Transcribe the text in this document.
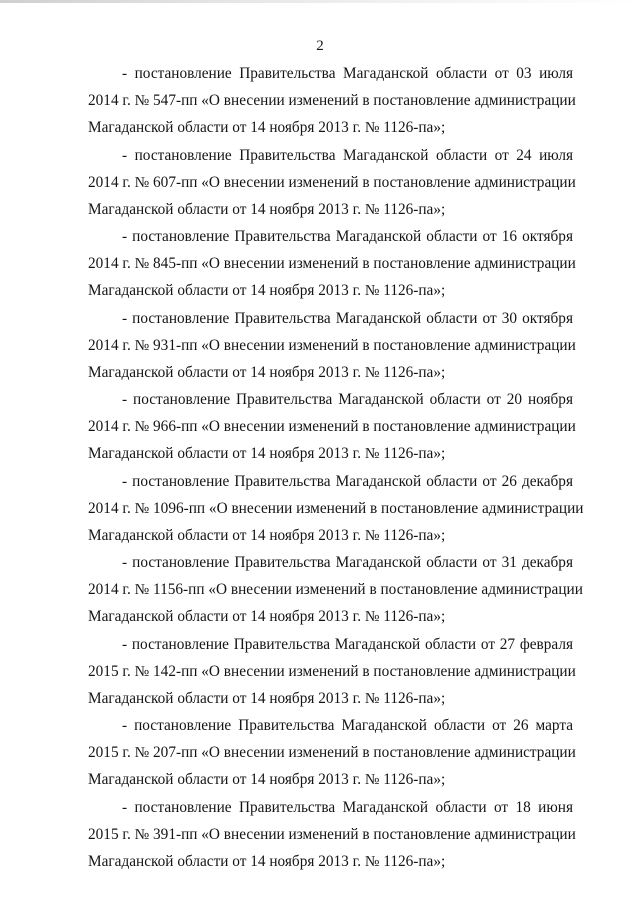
2

- постановление Правительства Магаданской области от 03 июля
2014 г. № 547-пп «О внесении изменений в постановление администрации
Магаданской области от 14 ноября 2013 г. № 1126-па»;

- постановление Правительства Магаданской области от 24 июля
2014 г. № 607-пп «О внесении изменений в постановление администрации
Магаданской области от 14 ноября 2013 г. № 1126-па»;

- постановление Правительства Магаданской области от 16 октября
2014 г. № 845-пп «О внесении изменений в постановление администрации
Магаданской области от 14 ноября 2013 г. № 1126-па»;

- постановление Правительства Магаданской области от 30 октября
2014 г. № 931-пп «О внесении изменений в постановление администрации
Магаданской области от 14 ноября 2013 г. № 1126-па»;

- постановление Правительства Магаданской области от 20 ноября
2014 г. № 966-пп «О внесении изменений в постановление администрации
Магаданской области от 14 ноября 2013 г. № 1126-па»;

- постановление Правительства Магаданской области от 26 декабря
2014 г. № 1096-пп «О внесении изменений в постановление администрации
Магаданской области от 14 ноября 2013 г. № 1126-па»;

- постановление Правительства Магаданской области от 31 декабря
2014 г. № 1156-пп «О внесении изменений в постановление администрации
Магаданской области от 14 ноября 2013 г. № 1126-па»;

- постановление Правительства Магаданской области от 27 февраля
2015 г. № 142-пп «О внесении изменений в постановление администрации
Магаданской области от 14 ноября 2013 г. № 1126-па»;

- постановление Правительства Магаданской области от 26 марта
2015 г. № 207-пп «О внесении изменений в постановление администрации
Магаданской области от 14 ноября 2013 г. № 1126-па»;

- постановление Правительства Магаданской области от 18 июня
2015 г. № 391-пп «О внесении изменений в постановление администрации
Магаданской области от 14 ноября 2013 г. № 1126-па»;
